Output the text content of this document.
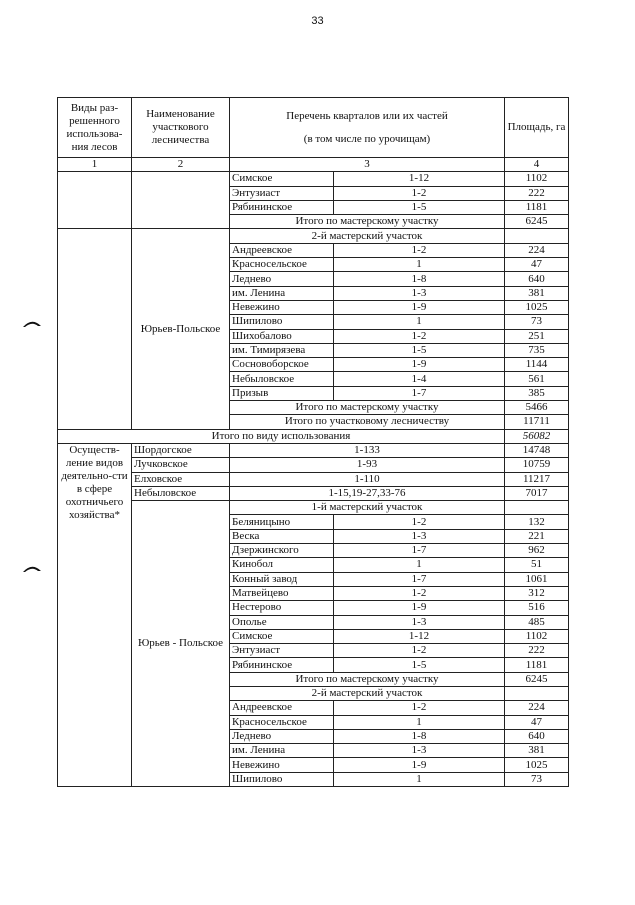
33
Виды раз-решенного использова-ния лесов	Наименование участкового лесничества	Перечень кварталов или их частей
(в том числе по урочищам)		Площадь, га
1	2	3		4
		Симское	1-12	1102
		Энтузиаст	1-2	222
		Рябининское	1-5	1181
		Итого по мастерскому участку		6245
	Юрьев-Польское	2-й мастерский участок		
		Андреевское	1-2	224
		Красносельское	1	47
		Леднево	1-8	640
		им. Ленина	1-3	381
		Невежино	1-9	1025
		Шипилово	1	73
		Шихобалово	1-2	251
		им. Тимирязева	1-5	735
		Сосновоборское	1-9	1144
		Небыловское	1-4	561
		Призыв	1-7	385
		Итого по мастерскому участку		5466
		Итого по участковому лесничеству		11711
Итого по виду использования				56082
Осуществ-ление видов деятельно-сти в сфере охотничьего хозяйства*	Шордогское	1-133		14748
	Лучковское	1-93		10759
	Елховское	1-110		11217
	Небыловское	1-15,19-27,33-76		7017
	Юрьев - Польское	1-й мастерский участок		
		Беляницыно	1-2	132
		Веска	1-3	221
		Дзержинского	1-7	962
		Кинобол	1	51
		Конный завод	1-7	1061
		Матвейцево	1-2	312
		Нестерово	1-9	516
		Ополье	1-3	485
		Симское	1-12	1102
		Энтузиаст	1-2	222
		Рябининское	1-5	1181
		Итого по мастерскому участку		6245
		2-й мастерский участок		
		Андреевское	1-2	224
		Красносельское	1	47
		Леднево	1-8	640
		им. Ленина	1-3	381
		Невежино	1-9	1025
		Шипилово	1	73
